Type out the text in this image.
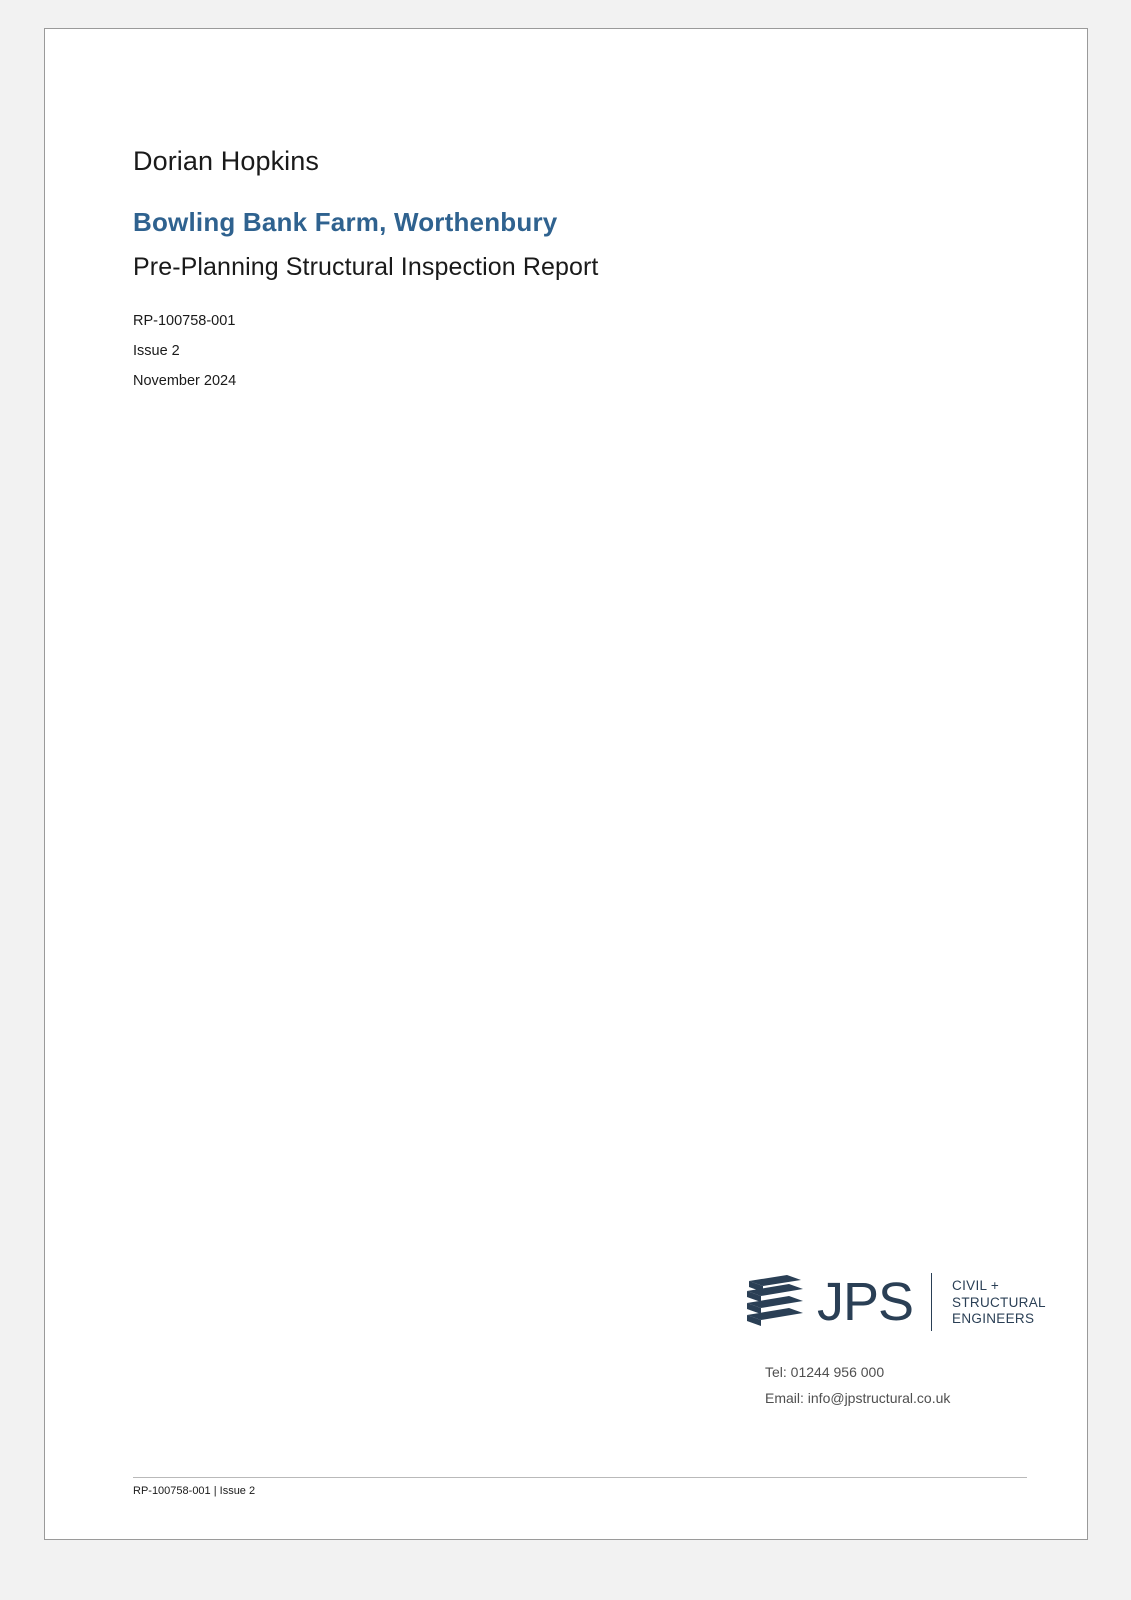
Dorian Hopkins
Bowling Bank Farm, Worthenbury
Pre-Planning Structural Inspection Report
RP-100758-001
Issue 2
November 2024
JPS	CIVIL +
STRUCTURAL
ENGINEERS
Tel: 01244 956 000
Email: info@jpstructural.co.uk
RP-100758-001 | Issue 2
